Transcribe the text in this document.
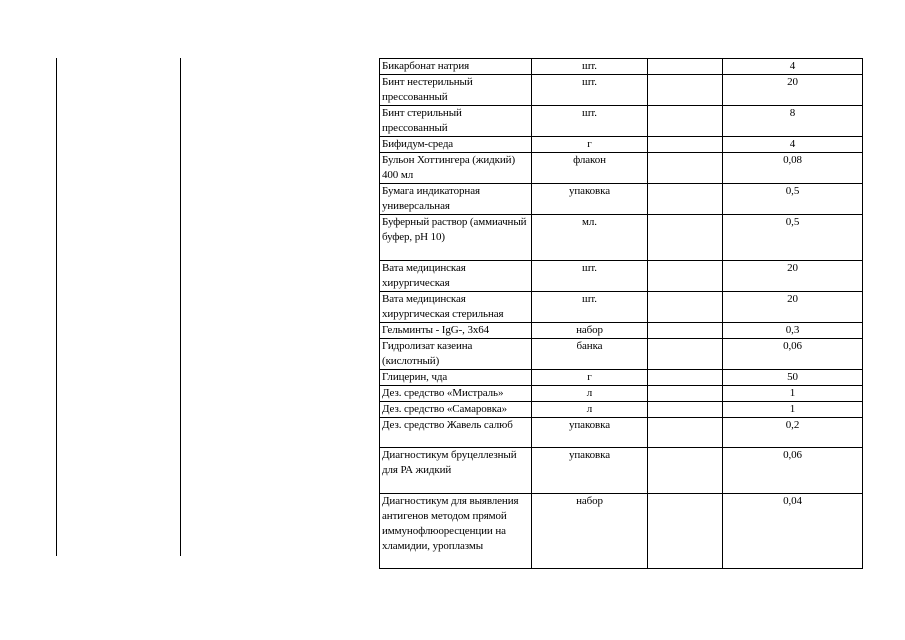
Бикарбонат натрия	шт.		4
Бинт нестерильный прессованный	шт.		20
Бинт стерильный прессованный	шт.		8
Бифидум-среда	г		4
Бульон Хоттингера (жидкий) 400 мл	флакон		0,08
Бумага индикаторная универсальная	упаковка		0,5
Буферный раствор (аммиачный буфер, pH 10)	мл.		0,5
Вата медицинская хирургическая	шт.		20
Вата медицинская хирургическая стерильная	шт.		20
Гельминты - IgG-, 3х64	набор		0,3
Гидролизат казеина (кислотный)	банка		0,06
Глицерин, чда	г		50
Дез. средство «Мистраль»	л		1
Дез. средство «Самаровка»	л		1
Дез. средство Жавель салюб	упаковка		0,2
Диагностикум бруцеллезный для РА жидкий	упаковка		0,06
Диагностикум для выявления антигенов методом прямой иммунофлюоресценции на хламидии, уроплазмы	набор		0,04
